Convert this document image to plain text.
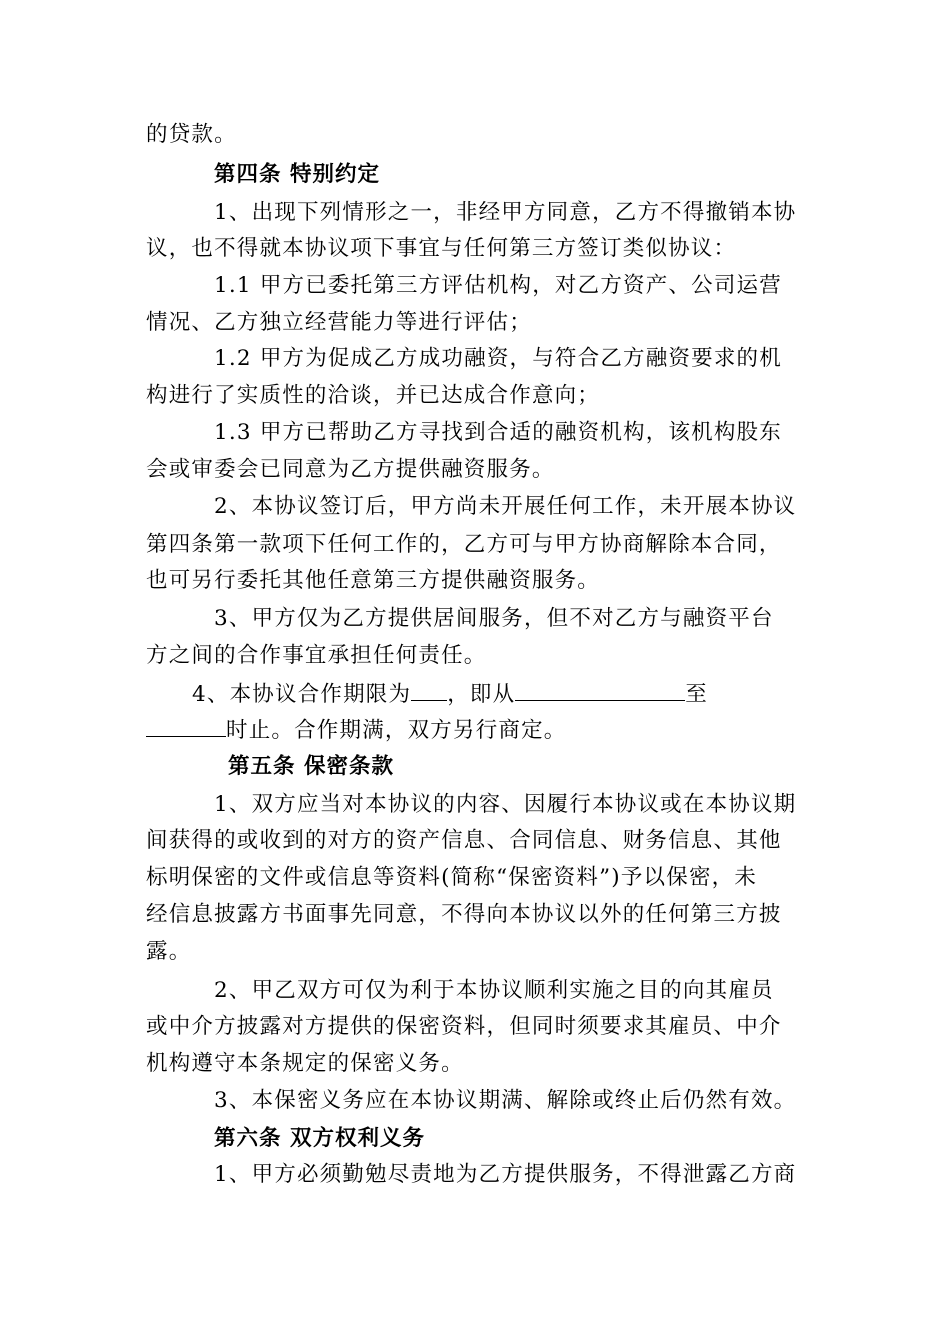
的贷款。
第四条 特别约定
1、出现下列情形之一，非经甲方同意，乙方不得撤销本协
议，也不得就本协议项下事宜与任何第三方签订类似协议：
1.1 甲方已委托第三方评估机构，对乙方资产、公司运营
情况、乙方独立经营能力等进行评估；
1.2 甲方为促成乙方成功融资，与符合乙方融资要求的机
构进行了实质性的洽谈，并已达成合作意向；
1.3 甲方已帮助乙方寻找到合适的融资机构，该机构股东
会或审委会已同意为乙方提供融资服务。
2、本协议签订后，甲方尚未开展任何工作，未开展本协议
第四条第一款项下任何工作的，乙方可与甲方协商解除本合同，
也可另行委托其他任意第三方提供融资服务。
3、甲方仅为乙方提供居间服务，但不对乙方与融资平台
方之间的合作事宜承担任何责任。
4、本协议合作期限为 ，即从	至
时止。合作期满，双方另行商定。
第五条 保密条款
1、双方应当对本协议的内容、因履行本协议或在本协议期
间获得的或收到的对方的资产信息、合同信息、财务信息、其他
标明保密的文件或信息等资料(简称“保密资料”)予以保密，未
经信息披露方书面事先同意，不得向本协议以外的任何第三方披
露。
2、甲乙双方可仅为利于本协议顺利实施之目的向其雇员
或中介方披露对方提供的保密资料，但同时须要求其雇员、中介
机构遵守本条规定的保密义务。
3、本保密义务应在本协议期满、解除或终止后仍然有效。
第六条 双方权利义务
1、甲方必须勤勉尽责地为乙方提供服务，不得泄露乙方商
